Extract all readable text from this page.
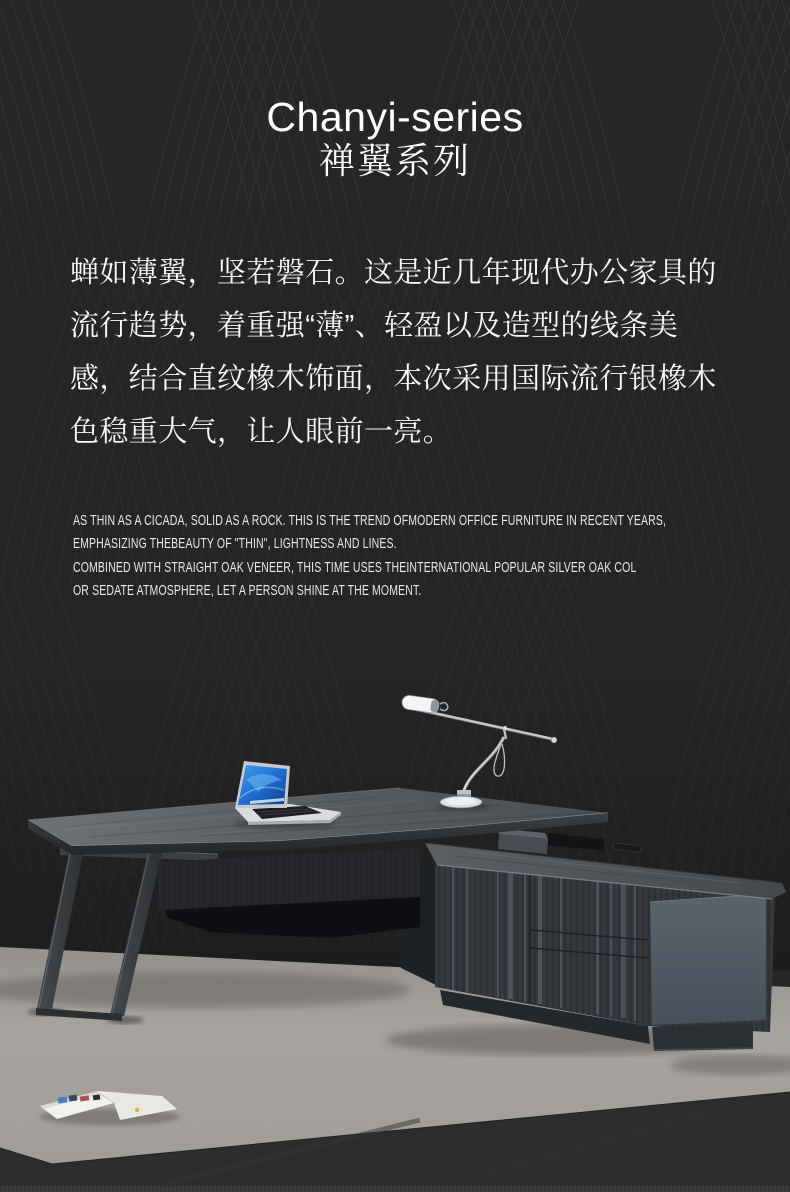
Chanyi-series
禅翼系列
蝉如薄翼，坚若磐石。这是近几年现代办公家具的
流行趋势，着重强“薄”、轻盈以及造型的线条美
感，结合直纹橡木饰面，本次采用国际流行银橡木
色稳重大气，让人眼前一亮。
AS THIN AS A CICADA, SOLID AS A ROCK. THIS IS THE TREND OFMODERN OFFICE FURNITURE IN RECENT YEARS,
EMPHASIZING THEBEAUTY OF "THIN", LIGHTNESS AND LINES.
COMBINED WITH STRAIGHT OAK VENEER, THIS TIME USES THEINTERNATIONAL POPULAR SILVER OAK COL
OR SEDATE ATMOSPHERE, LET A PERSON SHINE AT THE MOMENT.
